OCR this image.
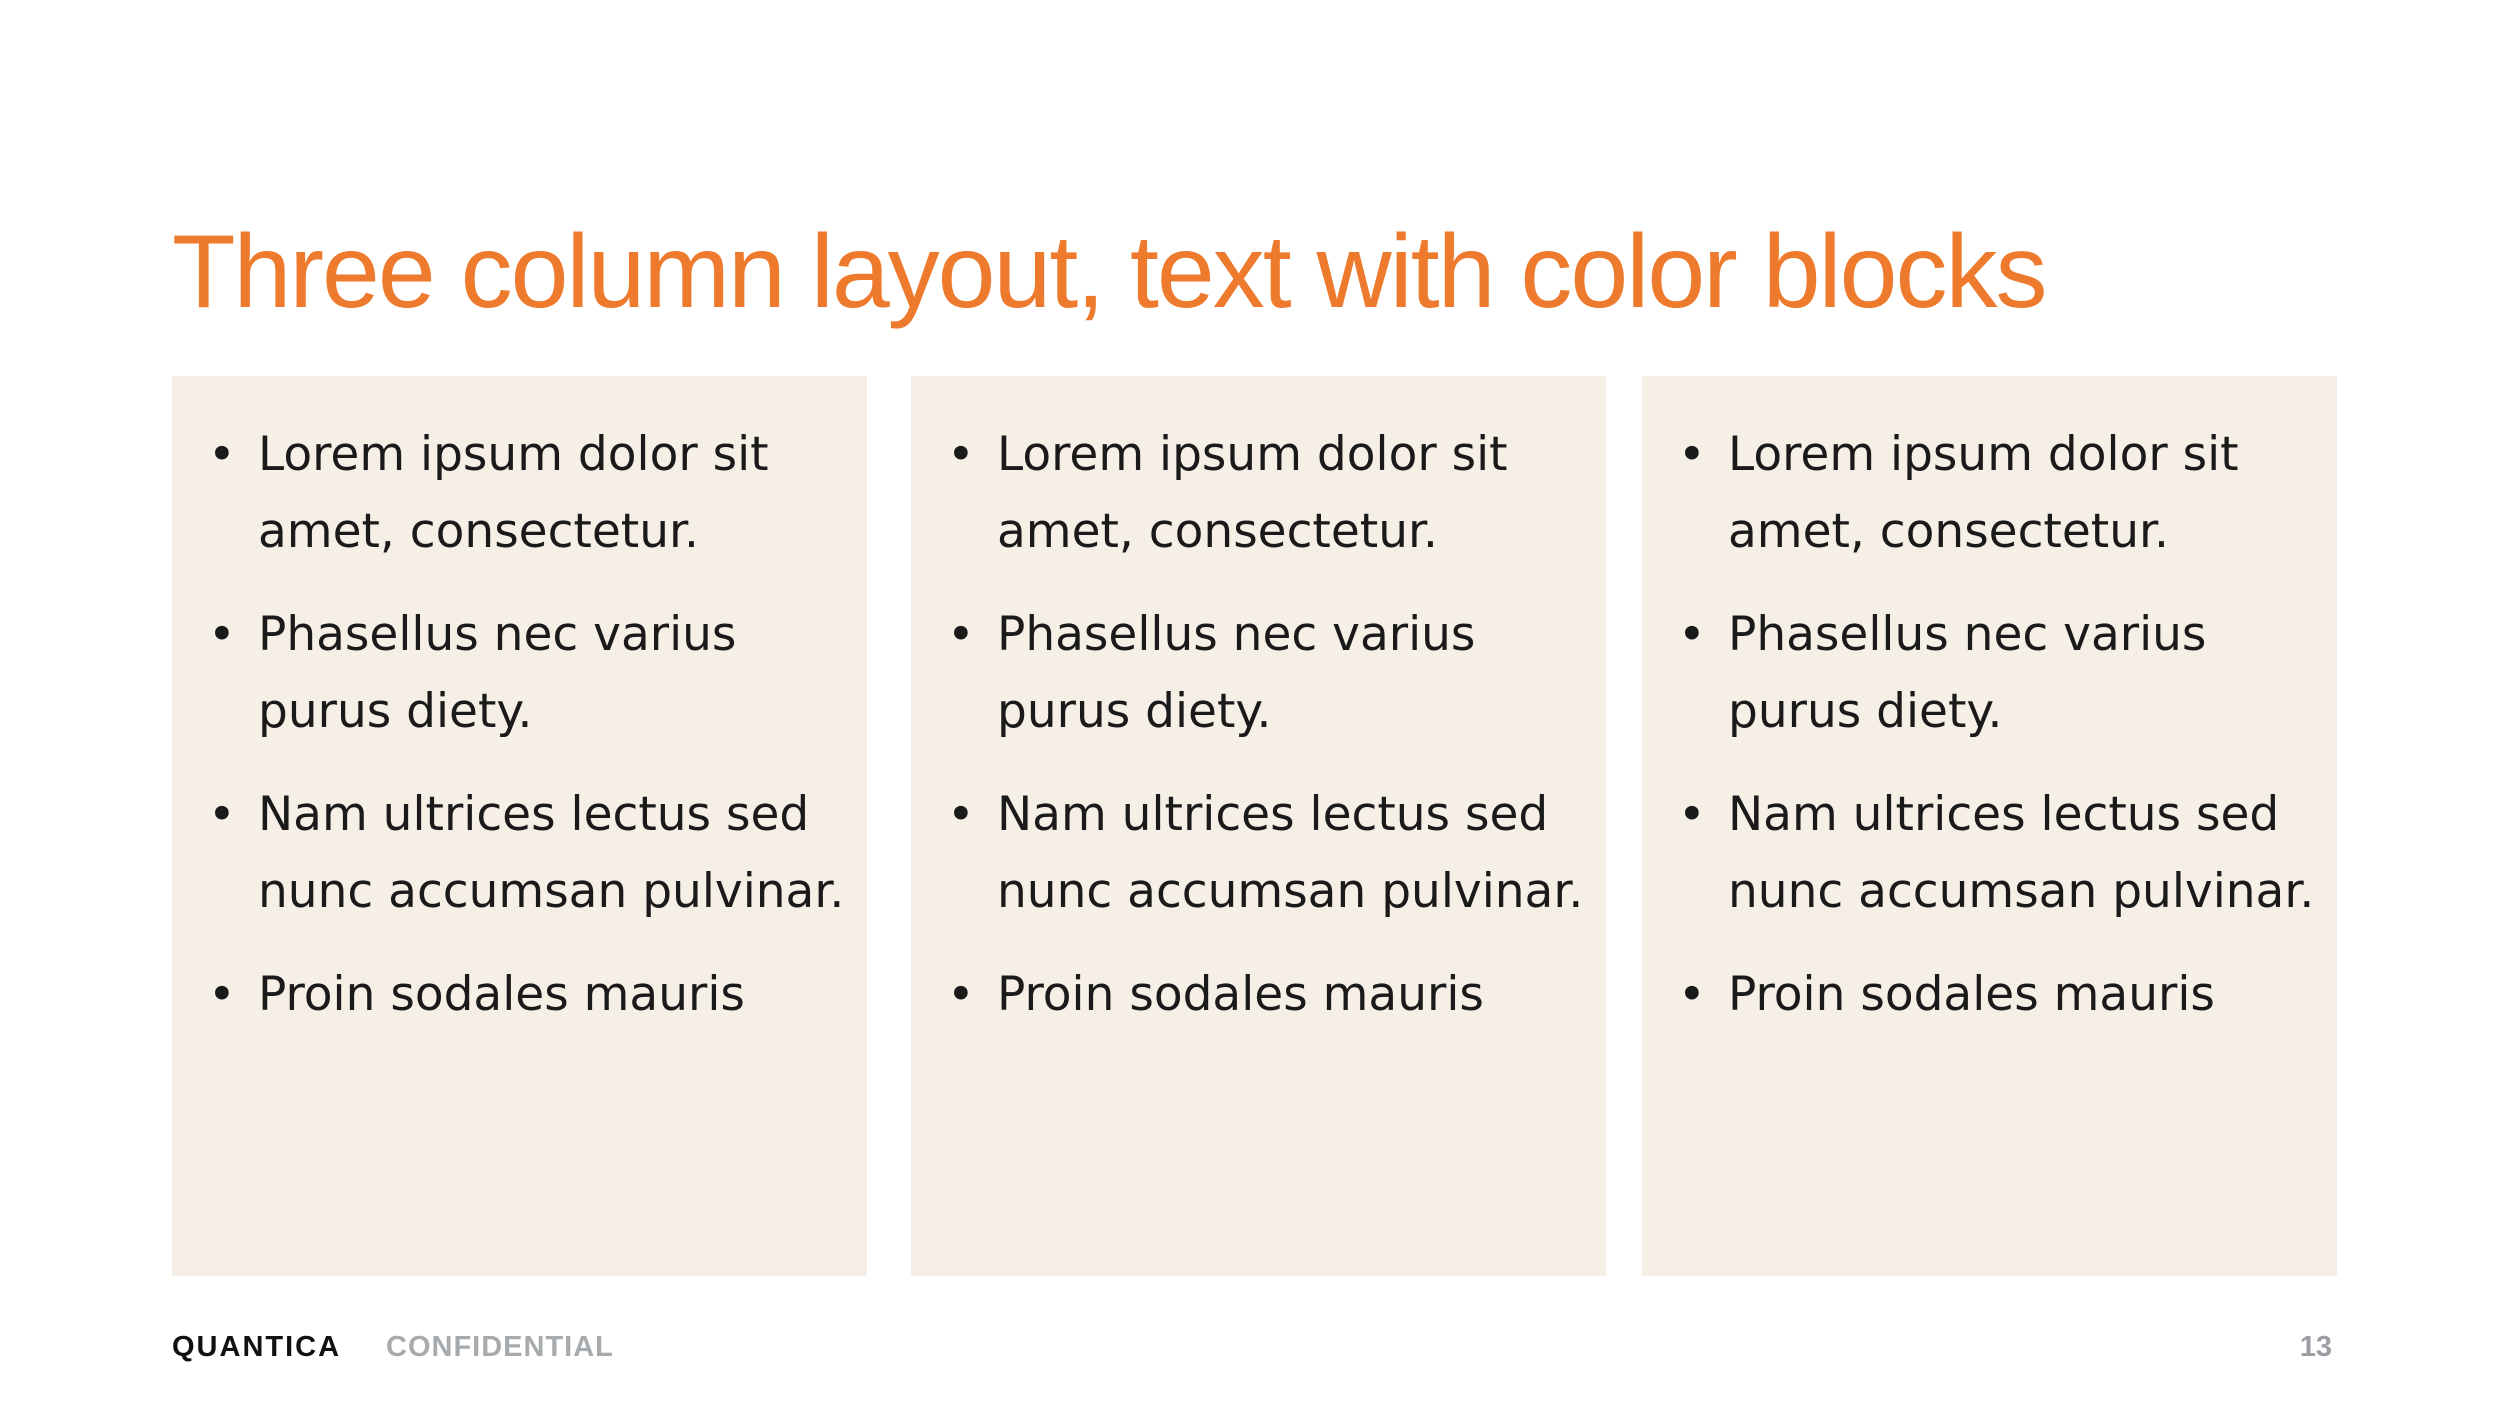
Three column layout, text with color blocks
• Lorem ipsum dolor sit amet, consectetur.
• Phasellus nec varius purus diety.
• Nam ultrices lectus sed nunc accumsan pulvinar.
• Proin sodales mauris
• Lorem ipsum dolor sit amet, consectetur.
• Phasellus nec varius purus diety.
• Nam ultrices lectus sed nunc accumsan pulvinar.
• Proin sodales mauris
• Lorem ipsum dolor sit amet, consectetur.
• Phasellus nec varius purus diety.
• Nam ultrices lectus sed nunc accumsan pulvinar.
• Proin sodales mauris
QUANTICA CONFIDENTIAL	13
